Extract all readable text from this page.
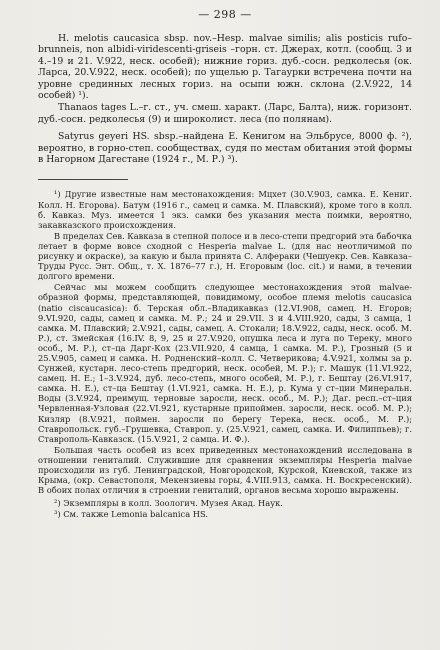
— 298 —

H. melotis caucasica sbsp. nov.–Hesp. malvae similis; alis posticis rufo–brunneis, non albidi-viridescenti-griseis –горн. ст. Джерах, котл. (сообщ. 3 и 4.–19 и 21. V.922, неск. особей); нижние гориз. дуб.-сосн. редколесья (ок. Ларса, 20.V.922, неск. особей); по ущелью р. Тагаурки встречена почти на уровне срединных лесных гориз. на осыпи южн. склона (2.V.922, 14 особей) ¹).

Thanaos tages L.–г. ст., уч. смеш. характ. (Ларс, Балта), ниж. горизонт. дуб.-сосн. редколесья (9) и широколист. леса (по полянам).

Satyrus geyeri HS. sbsp.–найдена Е. Кенигом на Эльбрусе, 8000 ф. ²), вероятно, в горно-степ. сообществах, судя по местам обитания этой формы в Нагорном Дагестане (1924 г., М. Р.) ³).

¹) Другие известные нам местонахождения: Мцхет (30.V.903, самка. Е. Кениг. Колл. Н. Егорова). Батум (1916 г., самец и самка. М. Плавский), кроме того в колл. б. Кавказ. Муз. имеется 1 экз. самки без указания места поимки, вероятно, закавказского происхождения.

В пределах Сев. Кавказа в степной полосе и в лесо-степи предгорий эта бабочка летает в форме вовсе сходной с Hesperia malvae L. (для нас неотличимой по рисунку и окраске), за какую и была принята С. Алфераки (Чешуекр. Сев. Кавказа–Труды Русс. Энт. Общ., т. X. 1876–77 г.), Н. Егоровым (loc. cit.) и нами, в течении долгого времени.

Сейчас мы можем сообщить следующее местонахождения этой malvae-образной формы, представляющей, повидимому, особое племя melotis caucasica (natio ciscaucasica): б. Терская обл.–Владикавказ (12.VI.908, самец. Н. Егоров; 9.VI.920, сады, самец и самка. М. Р.; 24 и 29.VII. 3 и 4.VIII.920, сады, 3 самца, 1 самка. М. Плавский; 2.V.921, сады, самец. А. Стокали; 18.V.922, сады, неск. особ. М. Р.), ст. Змейская (16.IV. 8, 9, 25 и 27.V.920, опушка леса и луга по Тереку, много особ., М. Р.), ст–ца Дарг-Кох (23.VII.920, 4 самца, 1 самка. М. Р.), Грозный (5 и 25.V.905, самец и самка. Н. Родненский–колл. С. Четверикова; 4.V.921, холмы за р. Сунжей, кустарн. лесо-степь предгорий, неск. особей, М. Р.); г. Машук (11.VI.922, самец. Н. Е.; 1–3.V.924, дуб. лесо-степь, много особей, М. Р.), г. Бештау (26.VI.917, самка. Н. Е.), ст–ца Бештау (1.VI.921, самка. Н. Е.), р. Кума у ст–ции Минеральн. Воды (3.V.924, преимущ. терновые заросли, неск. особ., М. Р.); Даг. респ.–ст–ция Червленная-Узловая (22.VI.921, кустарные припоймен. заросли, неск. особ. М. Р.); Кизляр (8.V.921, поймен. заросли по берегу Терека, неск. особ., М. Р.); Ставропольск. губ.–Грушевка, Ставроп. у. (25.V.921, самец, самка. И. Филиппьев); г. Ставрополь-Кавказск. (15.V.921, 2 самца. И. Ф.).

Большая часть особей из всех приведенных местонахождений исследована в отношении гениталий. Служившие для сравнения экземпляры Hesperia malvae происходили из губ. Ленинградской, Новгородской, Курской, Киевской, также из Крыма, (окр. Севастополя, Мекензиевы горы, 4.VIII.913, самка. Н. Воскресенский). В обоих полах отличия в строении гениталий, органов весьма хорошо выражены.

²) Экземпляры в колл. Зоологич. Музея Акад. Наук.

³) См. также Lemonia balcanica HS.
